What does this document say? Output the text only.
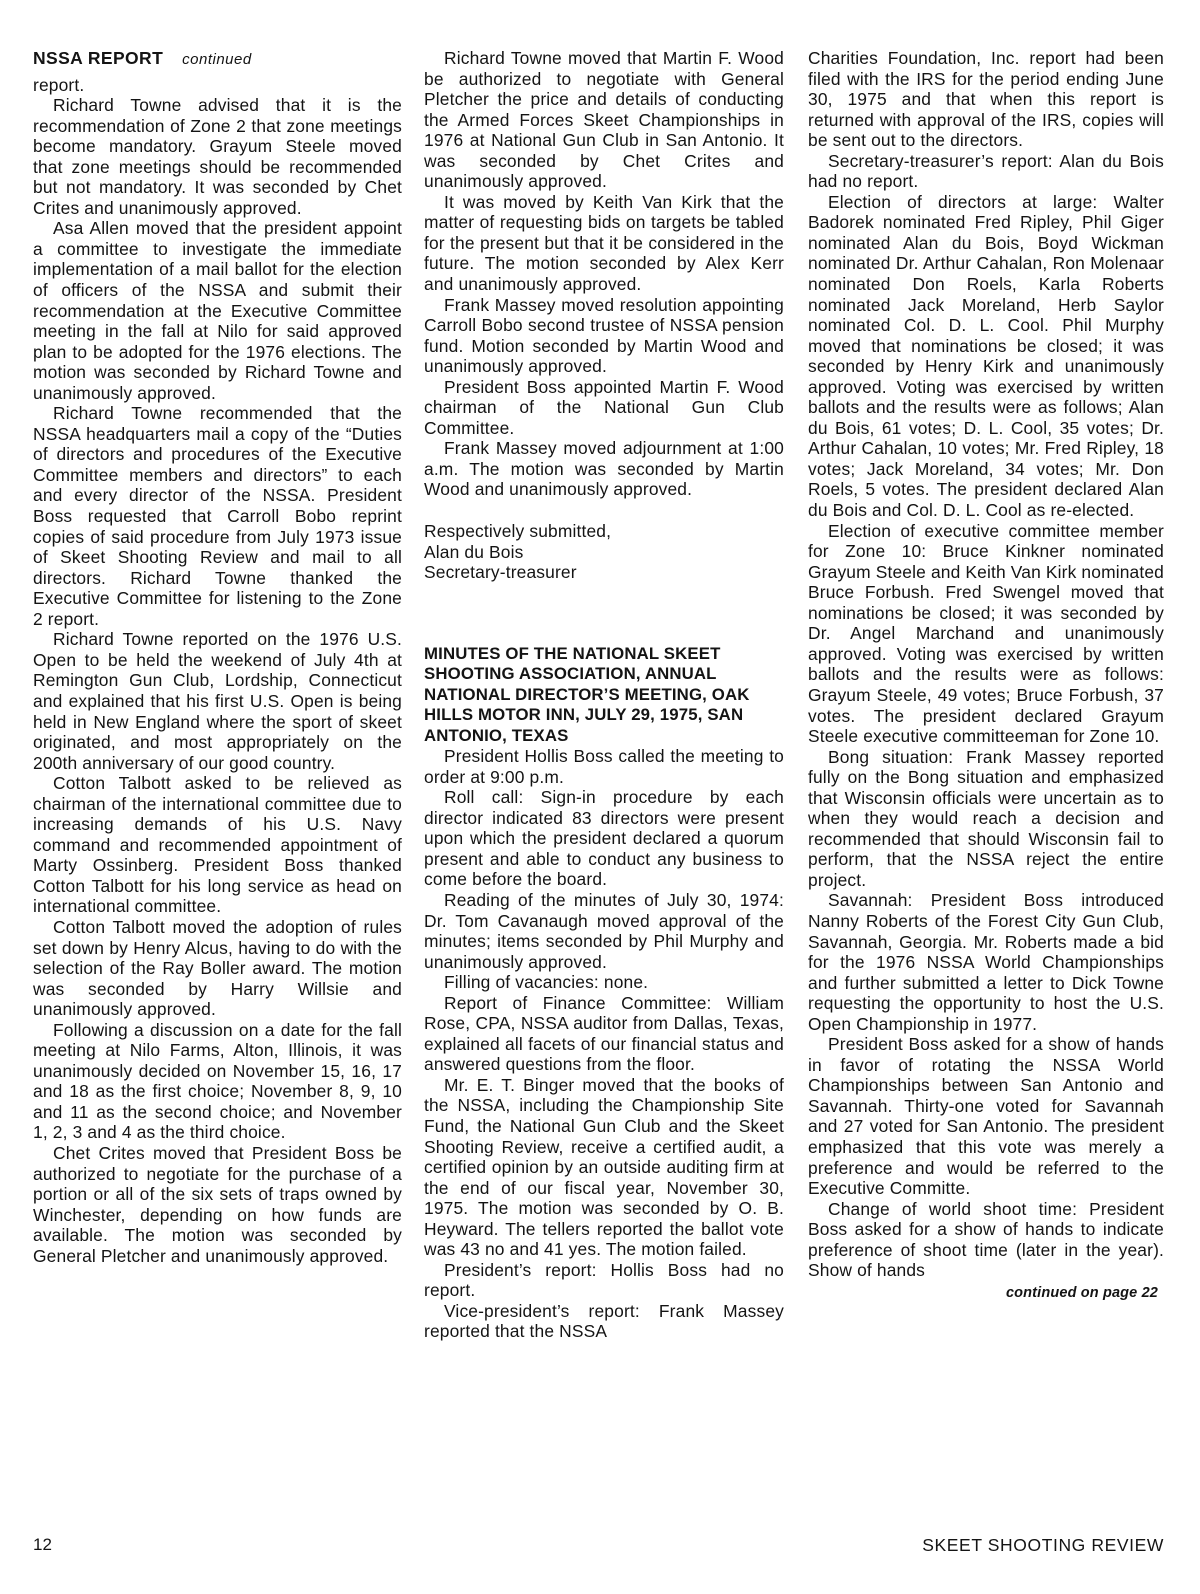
NSSA REPORT continued

report.

Richard Towne advised that it is the recommendation of Zone 2 that zone meetings become mandatory. Grayum Steele moved that zone meetings should be recommended but not mandatory. It was seconded by Chet Crites and unanimously approved.

Asa Allen moved that the president appoint a committee to investigate the immediate implementation of a mail ballot for the election of officers of the NSSA and submit their recommendation at the Executive Committee meeting in the fall at Nilo for said approved plan to be adopted for the 1976 elections. The motion was seconded by Richard Towne and unanimously approved.

Richard Towne recommended that the NSSA headquarters mail a copy of the “Duties of directors and procedures of the Executive Committee members and directors” to each and every director of the NSSA. President Boss requested that Carroll Bobo reprint copies of said procedure from July 1973 issue of Skeet Shooting Review and mail to all directors. Richard Towne thanked the Executive Committee for listening to the Zone 2 report.

Richard Towne reported on the 1976 U.S. Open to be held the weekend of July 4th at Remington Gun Club, Lordship, Connecticut and explained that his first U.S. Open is being held in New England where the sport of skeet originated, and most appropriately on the 200th anniversary of our good country.

Cotton Talbott asked to be relieved as chairman of the international committee due to increasing demands of his U.S. Navy command and recommended appointment of Marty Ossinberg. President Boss thanked Cotton Talbott for his long service as head on international committee.

Cotton Talbott moved the adoption of rules set down by Henry Alcus, having to do with the selection of the Ray Boller award. The motion was seconded by Harry Willsie and unanimously approved.

Following a discussion on a date for the fall meeting at Nilo Farms, Alton, Illinois, it was unanimously decided on November 15, 16, 17 and 18 as the first choice; November 8, 9, 10 and 11 as the second choice; and November 1, 2, 3 and 4 as the third choice.

Chet Crites moved that President Boss be authorized to negotiate for the purchase of a portion or all of the six sets of traps owned by Winchester, depending on how funds are available. The motion was seconded by General Pletcher and unanimously approved.

Richard Towne moved that Martin F. Wood be authorized to negotiate with General Pletcher the price and details of conducting the Armed Forces Skeet Championships in 1976 at National Gun Club in San Antonio. It was seconded by Chet Crites and unanimously approved.

It was moved by Keith Van Kirk that the matter of requesting bids on targets be tabled for the present but that it be considered in the future. The motion seconded by Alex Kerr and unanimously approved.

Frank Massey moved resolution appointing Carroll Bobo second trustee of NSSA pension fund. Motion seconded by Martin Wood and unanimously approved.

President Boss appointed Martin F. Wood chairman of the National Gun Club Committee.

Frank Massey moved adjournment at 1:00 a.m. The motion was seconded by Martin Wood and unanimously approved.

Respectively submitted,
Alan du Bois
Secretary-treasurer
MINUTES OF THE NATIONAL SKEET SHOOTING ASSOCIATION, ANNUAL NATIONAL DIRECTOR’S MEETING, OAK HILLS MOTOR INN, JULY 29, 1975, SAN ANTONIO, TEXAS

President Hollis Boss called the meeting to order at 9:00 p.m.

Roll call: Sign-in procedure by each director indicated 83 directors were present upon which the president declared a quorum present and able to conduct any business to come before the board.

Reading of the minutes of July 30, 1974: Dr. Tom Cavanaugh moved approval of the minutes; items seconded by Phil Murphy and unanimously approved.

Filling of vacancies: none.

Report of Finance Committee: William Rose, CPA, NSSA auditor from Dallas, Texas, explained all facets of our financial status and answered questions from the floor.

Mr. E. T. Binger moved that the books of the NSSA, including the Championship Site Fund, the National Gun Club and the Skeet Shooting Review, receive a certified audit, a certified opinion by an outside auditing firm at the end of our fiscal year, November 30, 1975. The motion was seconded by O. B. Heyward. The tellers reported the ballot vote was 43 no and 41 yes. The motion failed.

President’s report: Hollis Boss had no report.

Vice-president’s report: Frank Massey reported that the NSSA

Charities Foundation, Inc. report had been filed with the IRS for the period ending June 30, 1975 and that when this report is returned with approval of the IRS, copies will be sent out to the directors.

Secretary-treasurer’s report: Alan du Bois had no report.

Election of directors at large: Walter Badorek nominated Fred Ripley, Phil Giger nominated Alan du Bois, Boyd Wickman nominated Dr. Arthur Cahalan, Ron Molenaar nominated Don Roels, Karla Roberts nominated Jack Moreland, Herb Saylor nominated Col. D. L. Cool. Phil Murphy moved that nominations be closed; it was seconded by Henry Kirk and unanimously approved. Voting was exercised by written ballots and the results were as follows; Alan du Bois, 61 votes; D. L. Cool, 35 votes; Dr. Arthur Cahalan, 10 votes; Mr. Fred Ripley, 18 votes; Jack Moreland, 34 votes; Mr. Don Roels, 5 votes. The president declared Alan du Bois and Col. D. L. Cool as re-elected.

Election of executive committee member for Zone 10: Bruce Kinkner nominated Grayum Steele and Keith Van Kirk nominated Bruce Forbush. Fred Swengel moved that nominations be closed; it was seconded by Dr. Angel Marchand and unanimously approved. Voting was exercised by written ballots and the results were as follows: Grayum Steele, 49 votes; Bruce Forbush, 37 votes. The president declared Grayum Steele executive committeeman for Zone 10.

Bong situation: Frank Massey reported fully on the Bong situation and emphasized that Wisconsin officials were uncertain as to when they would reach a decision and recommended that should Wisconsin fail to perform, that the NSSA reject the entire project.

Savannah: President Boss introduced Nanny Roberts of the Forest City Gun Club, Savannah, Georgia. Mr. Roberts made a bid for the 1976 NSSA World Championships and further submitted a letter to Dick Towne requesting the opportunity to host the U.S. Open Championship in 1977.

President Boss asked for a show of hands in favor of rotating the NSSA World Championships between San Antonio and Savannah. Thirty-one voted for Savannah and 27 voted for San Antonio. The president emphasized that this vote was merely a preference and would be referred to the Executive Committe.

Change of world shoot time: President Boss asked for a show of hands to indicate preference of shoot time (later in the year). Show of hands

continued on page 22
12	SKEET SHOOTING REVIEW
